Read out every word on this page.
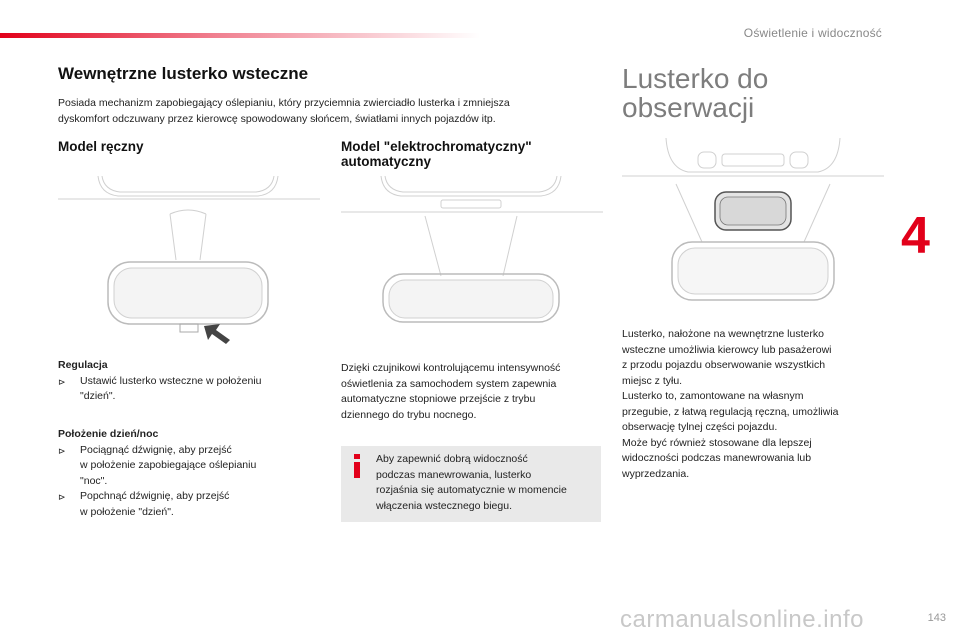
Oświetlenie i widoczność
4
Wewnętrzne lusterko wsteczne
Posiada mechanizm zapobiegający oślepianiu, który przyciemnia zwierciadło lusterka i zmniejsza
dyskomfort odczuwany przez kierowcę spowodowany słońcem, światłami innych pojazdów itp.
Lusterko do
obserwacji
Model ręczny	Model "elektrochromatyczny"
automatyczny
Regulacja
⊳	Ustawić lusterko wsteczne w położeniu
"dzień".
Położenie dzień/noc
⊳	Pociągnąć dźwignię, aby przejść
w położenie zapobiegające oślepianiu
"noc".
⊳	Popchnąć dźwignię, aby przejść
w położenie "dzień".
Dzięki czujnikowi kontrolującemu intensywność
oświetlenia za samochodem system zapewnia
automatyczne stopniowe przejście z trybu
dziennego do trybu nocnego.
Aby zapewnić dobrą widoczność
podczas manewrowania, lusterko
rozjaśnia się automatycznie w momencie
włączenia wstecznego biegu.
Lusterko, nałożone na wewnętrzne lusterko
wsteczne umożliwia kierowcy lub pasażerowi
z przodu pojazdu obserwowanie wszystkich
miejsc z tyłu.
Lusterko to, zamontowane na własnym
przegubie, z łatwą regulacją ręczną, umożliwia
obserwację tylnej części pojazdu.
Może być również stosowane dla lepszej
widoczności podczas manewrowania lub
wyprzedzania.
carmanualsonline.info	143
